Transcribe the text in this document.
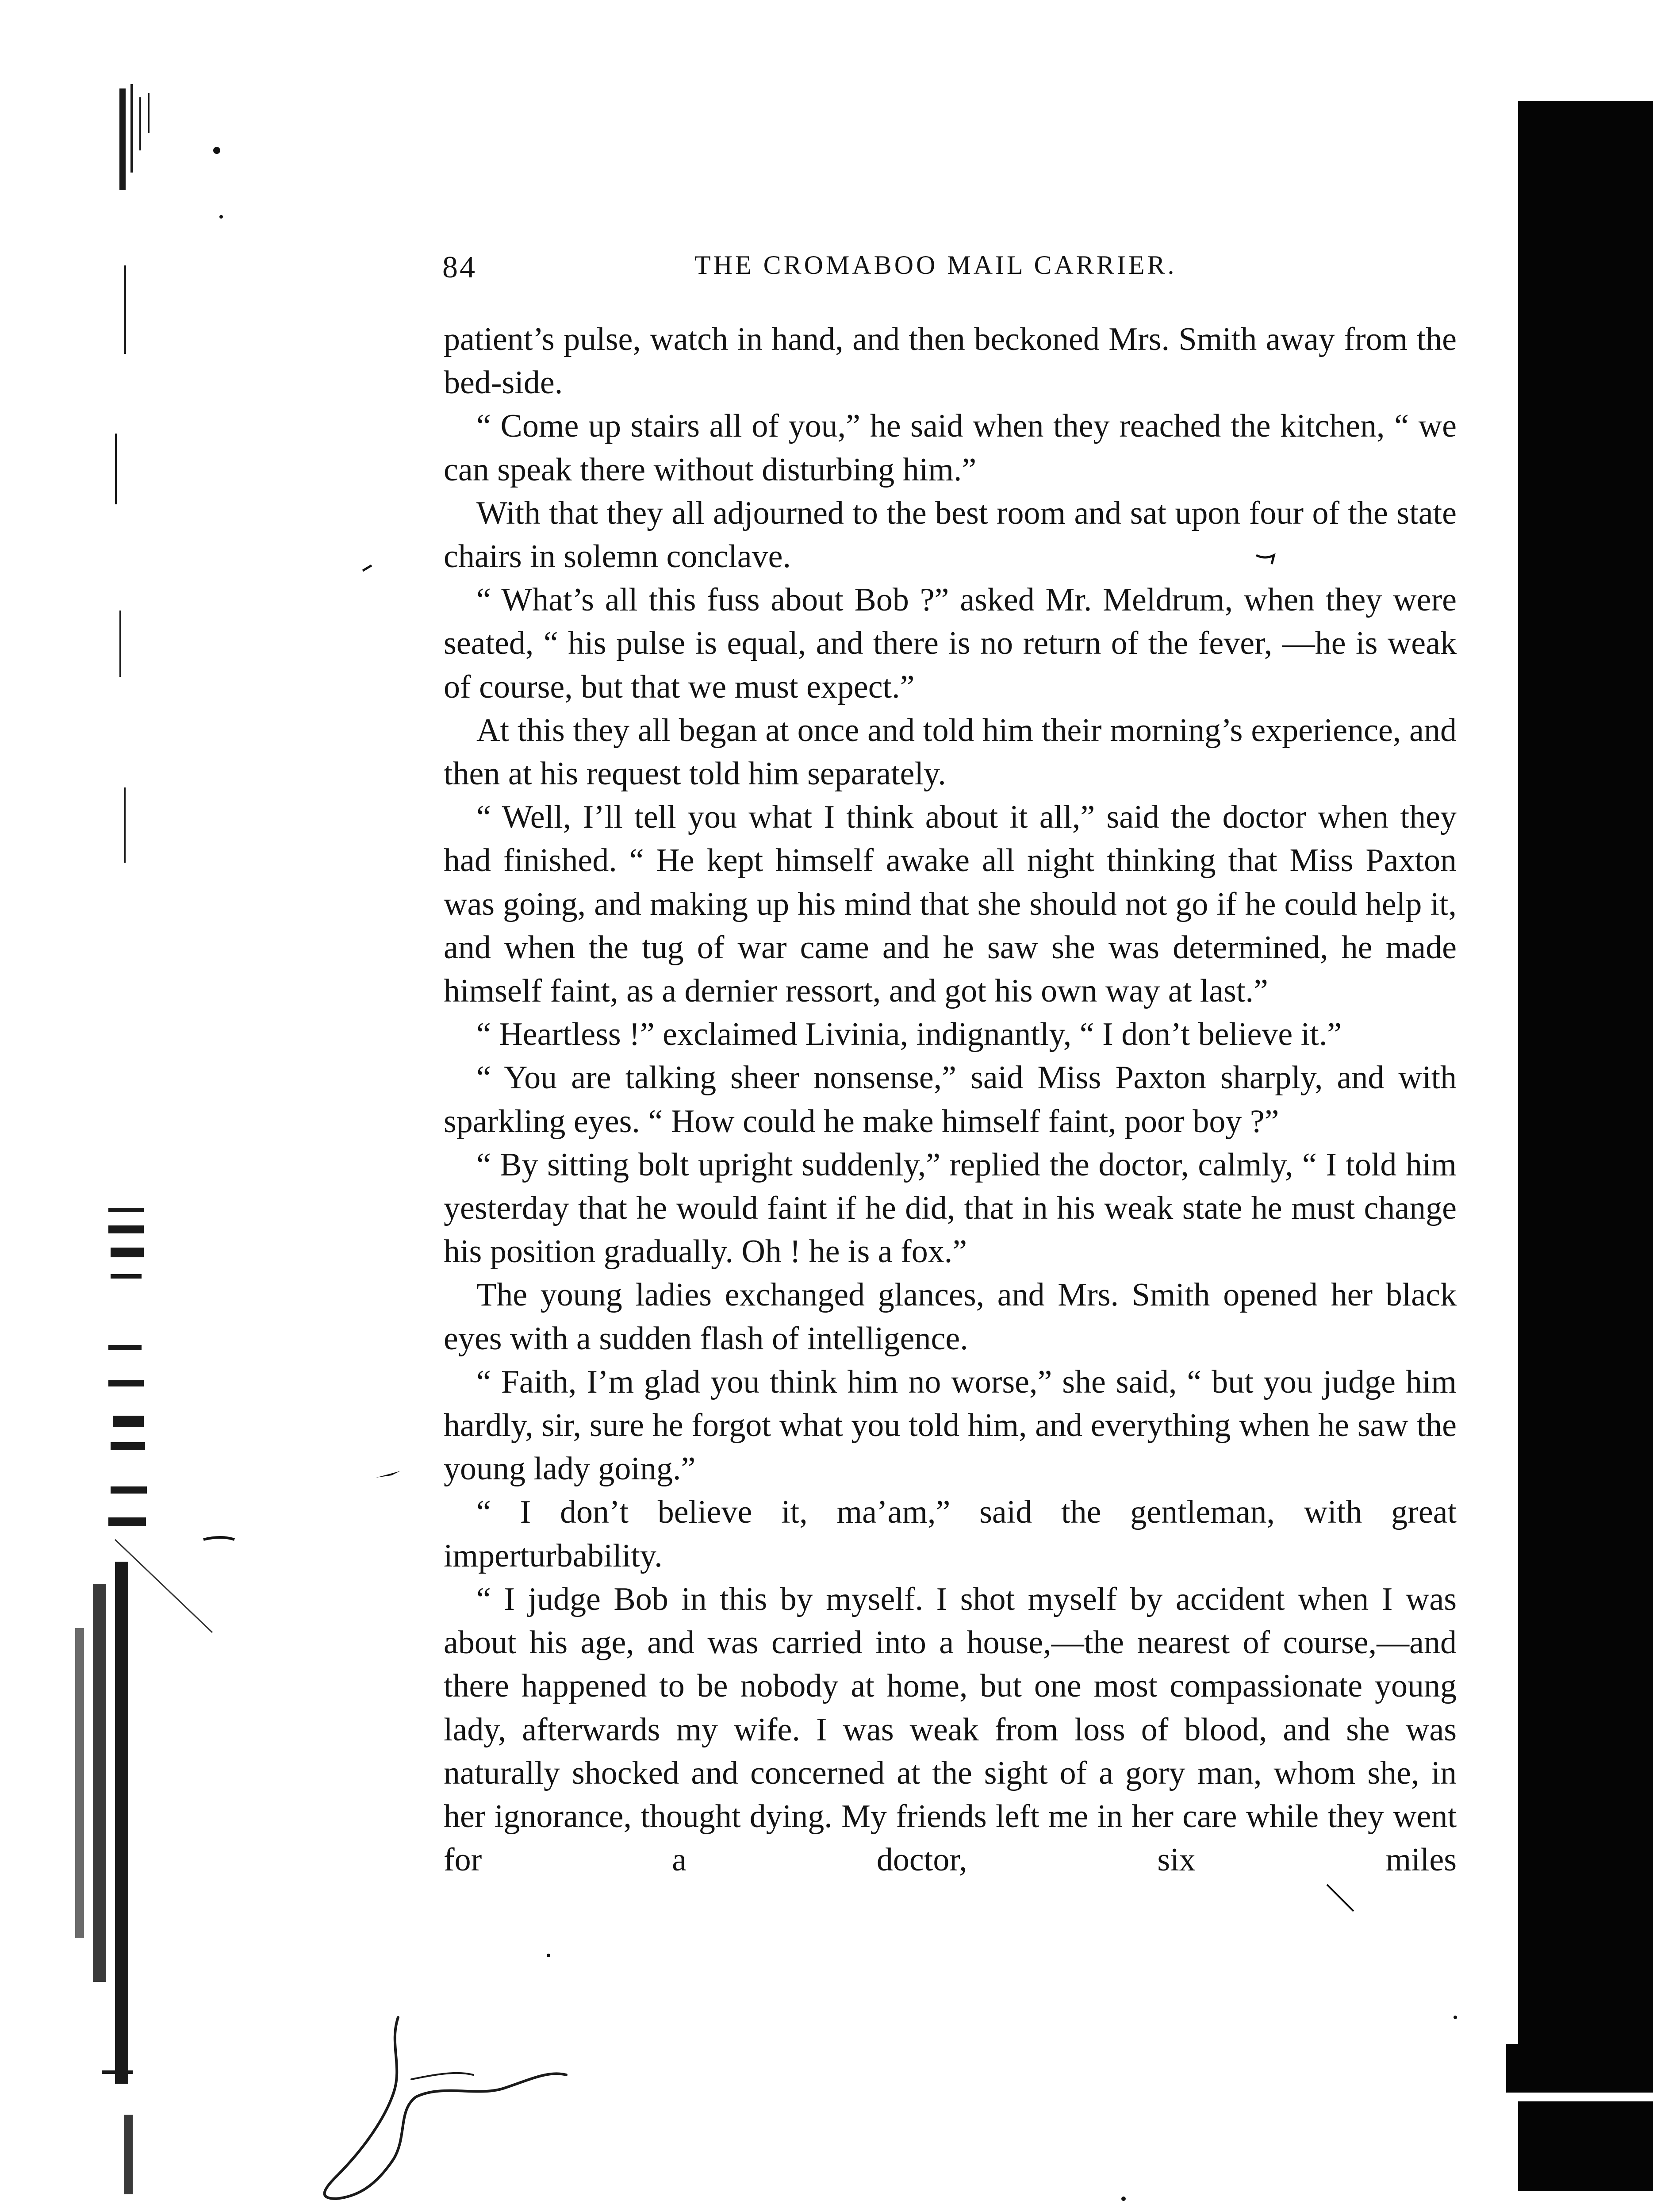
84	THE CROMABOO MAIL CARRIER.

patient’s pulse, watch in hand, and then beckoned Mrs. Smith away from the bed-side.

“ Come up stairs all of you,” he said when they reached the kitchen, “ we can speak there without disturbing him.”

With that they all adjourned to the best room and sat upon four of the state chairs in solemn conclave.

“ What’s all this fuss about Bob ?” asked Mr. Meldrum, when they were seated, “ his pulse is equal, and there is no return of the fever, —he is weak of course, but that we must expect.”

At this they all began at once and told him their morning’s experience, and then at his request told him separately.

“ Well, I’ll tell you what I think about it all,” said the doctor when they had finished. “ He kept himself awake all night thinking that Miss Paxton was going, and making up his mind that she should not go if he could help it, and when the tug of war came and he saw she was determined, he made himself faint, as a dernier ressort, and got his own way at last.”

“ Heartless !” exclaimed Livinia, indignantly, “ I don’t believe it.”

“ You are talking sheer nonsense,” said Miss Paxton sharply, and with sparkling eyes. “ How could he make himself faint, poor boy ?”

“ By sitting bolt upright suddenly,” replied the doctor, calmly, “ I told him yesterday that he would faint if he did, that in his weak state he must change his position gradually. Oh ! he is a fox.”

The young ladies exchanged glances, and Mrs. Smith opened her black eyes with a sudden flash of intelligence.

“ Faith, I’m glad you think him no worse,” she said, “ but you judge him hardly, sir, sure he forgot what you told him, and everything when he saw the young lady going.”

“ I don’t believe it, ma’am,” said the gentleman, with great imperturbability.

“ I judge Bob in this by myself. I shot myself by accident when I was about his age, and was carried into a house,—the nearest of course,—and there happened to be nobody at home, but one most compassionate young lady, afterwards my wife. I was weak from loss of blood, and she was naturally shocked and concerned at the sight of a gory man, whom she, in her ignorance, thought dying. My friends left me in her care while they went for a doctor, six miles
